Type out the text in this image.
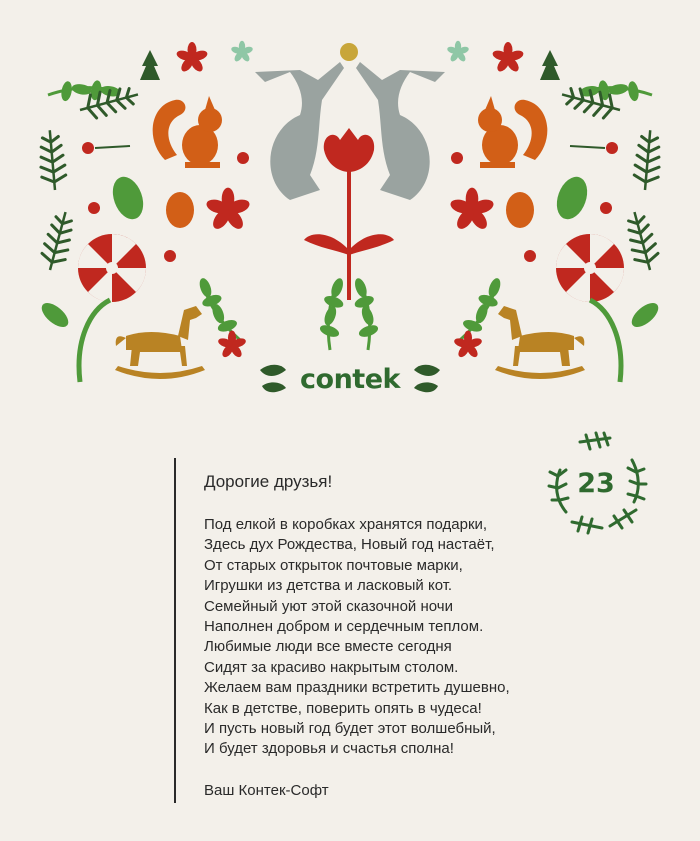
contek
Дорогие друзья!
Под елкой в коробках хранятся подарки,
Здесь дух Рождества, Новый год настаёт,
От старых открыток почтовые марки,
Игрушки из детства и ласковый кот.
Семейный уют этой сказочной ночи
Наполнен добром и сердечным теплом.
Любимые люди все вместе сегодня
Сидят за красиво накрытым столом.
Желаем вам праздники встретить душевно,
Как в детстве, поверить опять в чудеса!
И пусть новый год будет этот волшебный,
И будет здоровья и счастья сполна!
Ваш Контек-Софт
23
